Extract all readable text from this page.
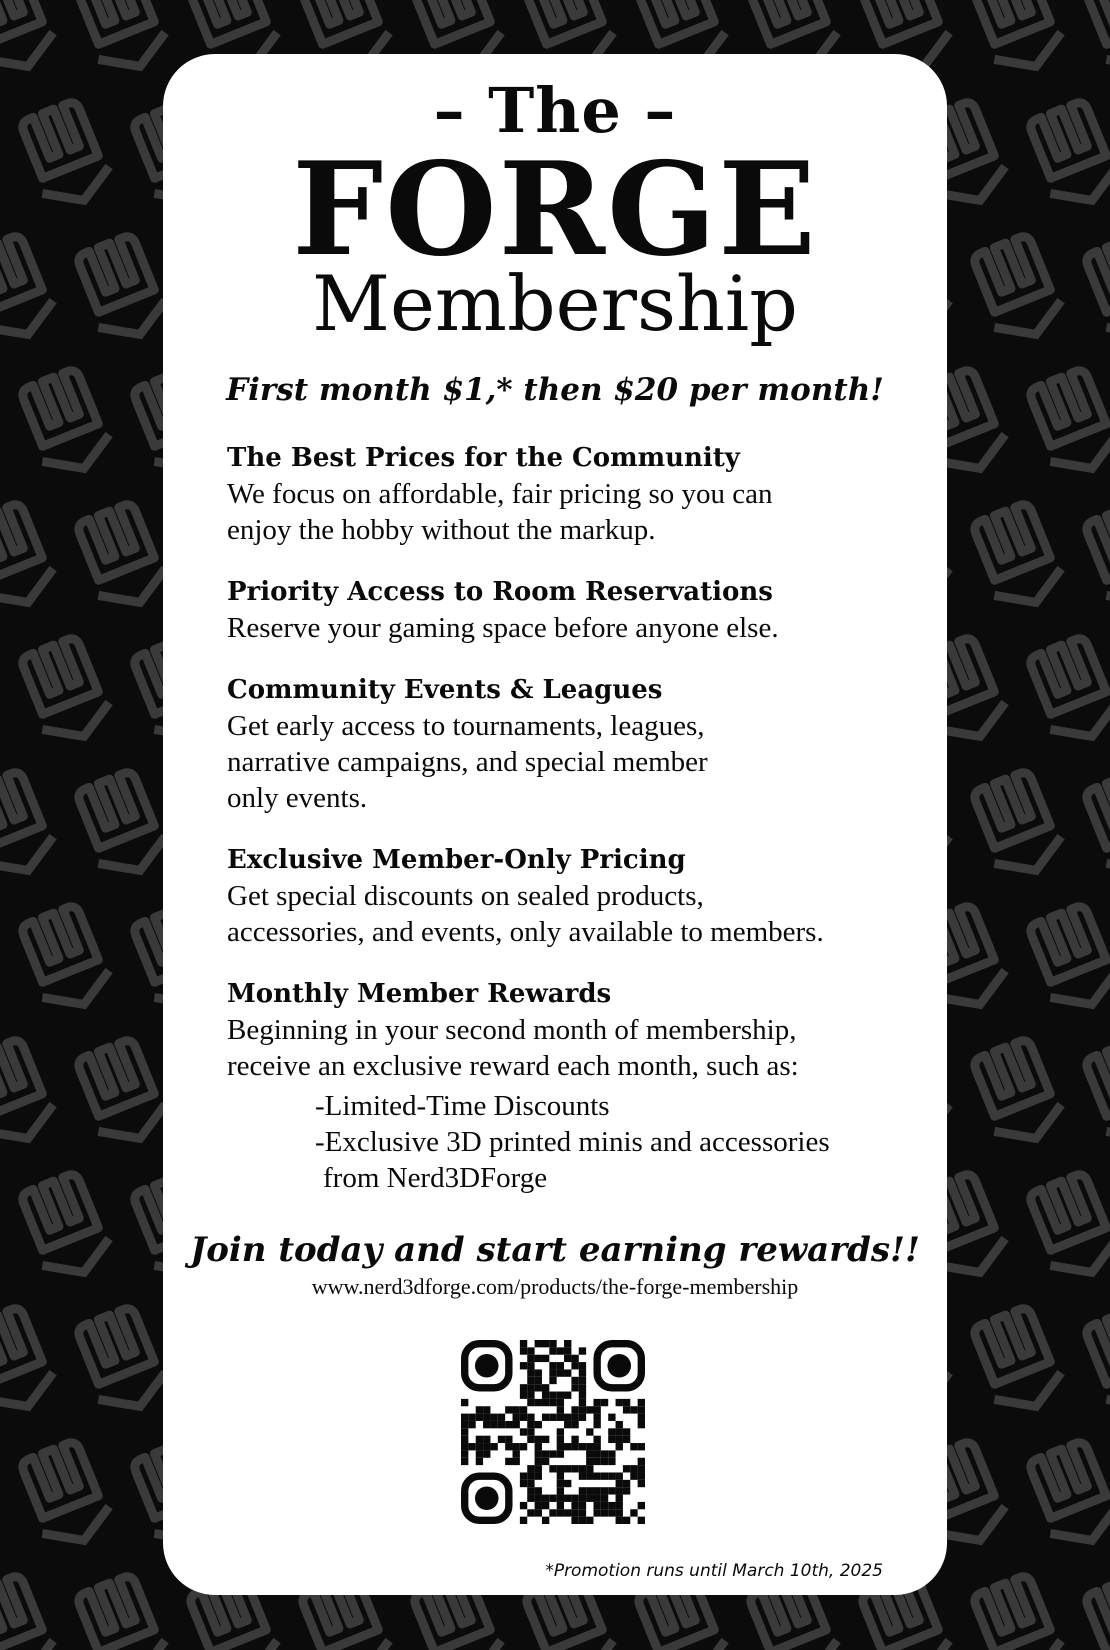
– The –
FORGE
Membership
First month $1,* then $20 per month!
The Best Prices for the Community
We focus on affordable, fair pricing so you can
enjoy the hobby without the markup.
Priority Access to Room Reservations
Reserve your gaming space before anyone else.
Community Events & Leagues
Get early access to tournaments, leagues,
narrative campaigns, and special member
only events.
Exclusive Member-Only Pricing
Get special discounts on sealed products,
accessories, and events, only available to members.
Monthly Member Rewards
Beginning in your second month of membership,
receive an exclusive reward each month, such as:
-Limited-Time Discounts
-Exclusive 3D printed minis and accessories
from Nerd3DForge
Join today and start earning rewards!!
www.nerd3dforge.com/products/the-forge-membership
*Promotion runs until March 10th, 2025
